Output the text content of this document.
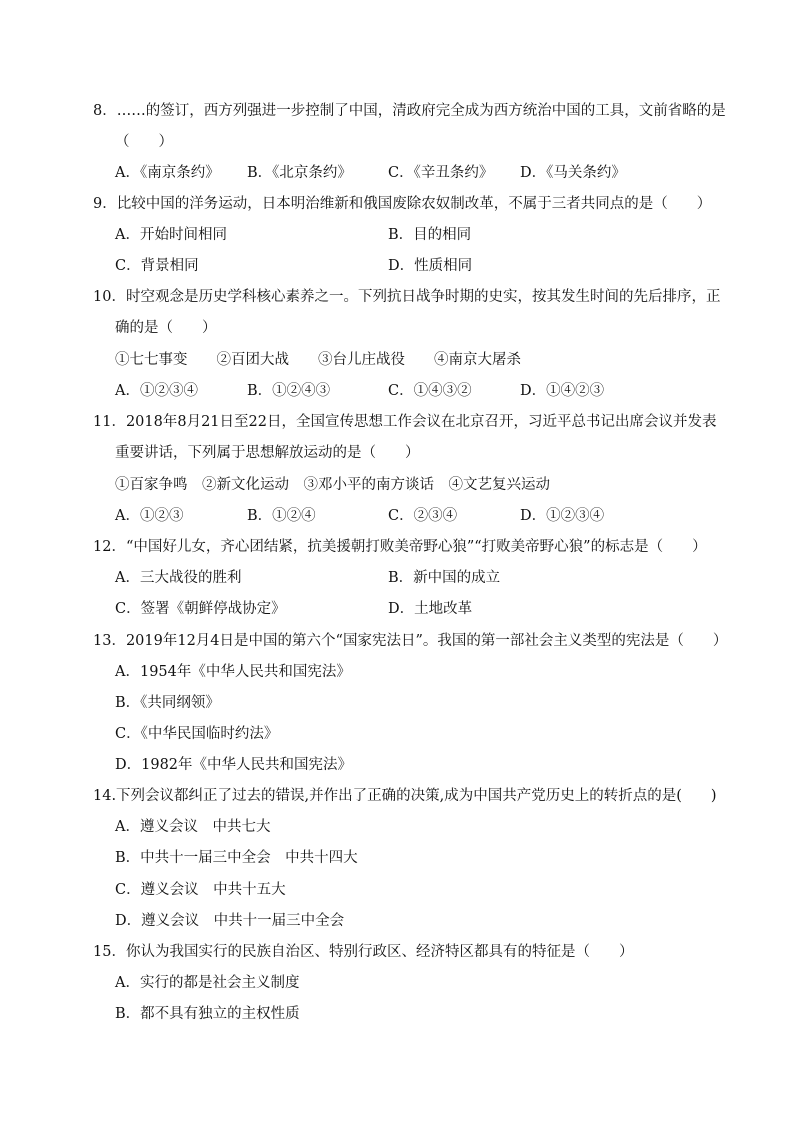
8．……的签订，西方列强进一步控制了中国，清政府完全成为西方统治中国的工具，文前省略的是
（　　）
A．《南京条约》 B．《北京条约》 C．《辛丑条约》 D．《马关条约》
9．比较中国的洋务运动，日本明治维新和俄国废除农奴制改革，不属于三者共同点的是（　　）
A．开始时间相同	B．目的相同
C．背景相同	D．性质相同
10．时空观念是历史学科核心素养之一。下列抗日战争时期的史实，按其发生时间的先后排序，正
确的是（　　）
①七七事变　　②百团大战　　③台儿庄战役　　④南京大屠杀
A．①②③④	B．①②④③	C．①④③②	D．①④②③
11．2018年8月21日至22日，全国宣传思想工作会议在北京召开，习近平总书记出席会议并发表
重要讲话，下列属于思想解放运动的是（　　）
①百家争鸣　②新文化运动　③邓小平的南方谈话　④文艺复兴运动
A．①②③	B．①②④	C．②③④	D．①②③④
12．“中国好儿女，齐心团结紧，抗美援朝打败美帝野心狼”“打败美帝野心狼”的标志是（　　）
A．三大战役的胜利	B．新中国的成立
C．签署《朝鲜停战协定》	D．土地改革
13．2019年12月4日是中国的第六个“国家宪法日”。我国的第一部社会主义类型的宪法是（　　）
A．1954年《中华人民共和国宪法》
B．《共同纲领》
C．《中华民国临时约法》
D．1982年《中华人民共和国宪法》
14.下列会议都纠正了过去的错误,并作出了正确的决策,成为中国共产党历史上的转折点的是(　　)
A．遵义会议　中共七大
B．中共十一届三中全会　中共十四大
C．遵义会议　中共十五大
D．遵义会议　中共十一届三中全会
15．你认为我国实行的民族自治区、特别行政区、经济特区都具有的特征是（　　）
A．实行的都是社会主义制度
B．都不具有独立的主权性质
